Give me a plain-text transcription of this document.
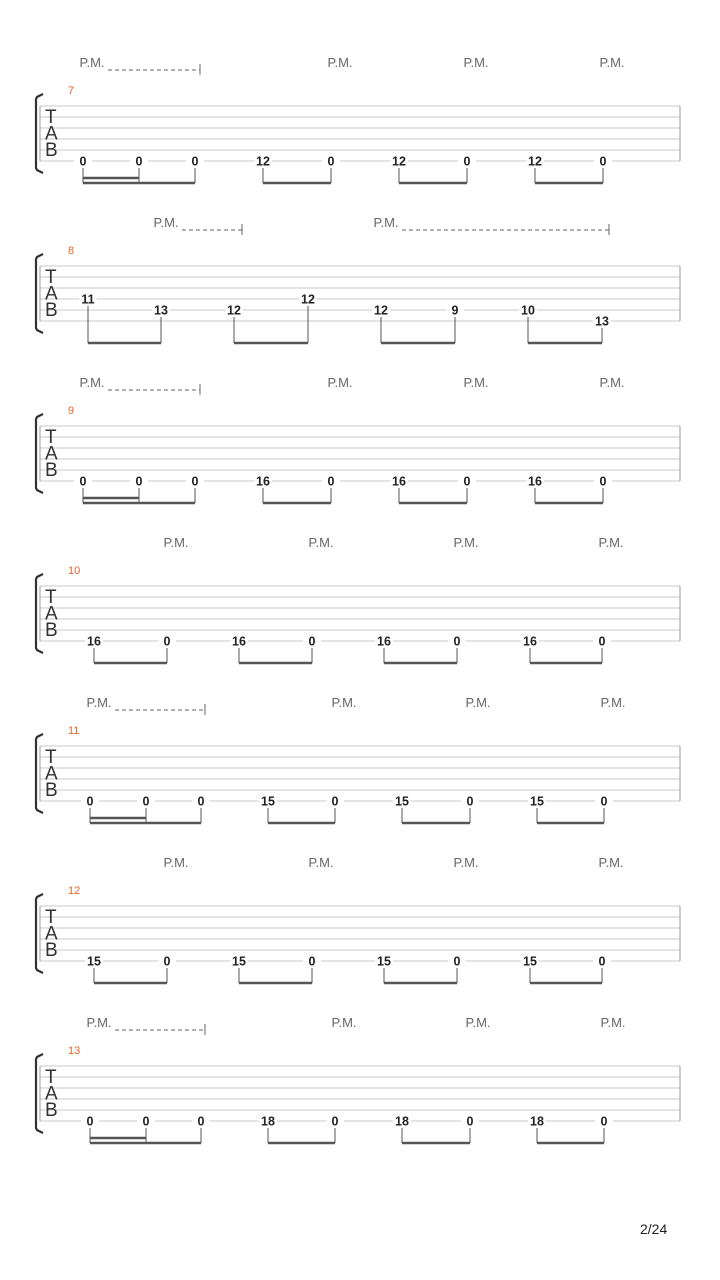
T
A
B
7
P.M.	P.M.	P.M.	P.M.
0	0	0	12	0	12	0	12	0
T
A
B
8
P.M.	P.M.
11
13	12
12
12	9	10
13
T
A
B
9
P.M.	P.M.	P.M.	P.M.
0	0	0	16	0	16	0	16	0
T
A
B
10
P.M.	P.M.	P.M.	P.M.
16	0	16	0	16	0	16	0
T
A
B
11
P.M.	P.M.	P.M.	P.M.
0	0	0	15	0	15	0	15	0
T
A
B
12
P.M.	P.M.	P.M.	P.M.
15	0	15	0	15	0	15	0
T
A
B
13
P.M.	P.M.	P.M.	P.M.
0	0	0	18	0	18	0	18	0
2/24
